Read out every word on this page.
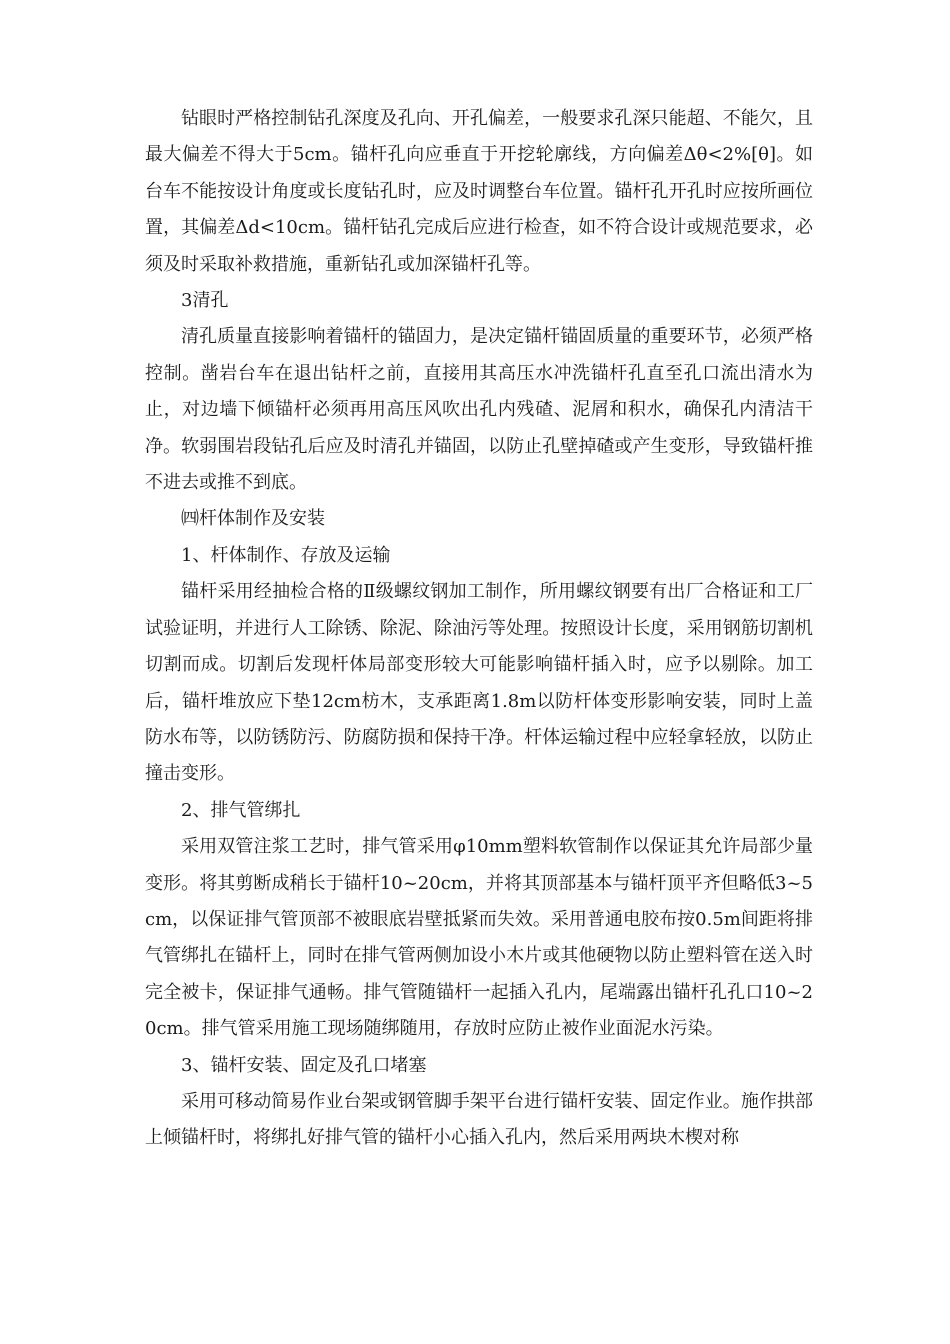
钻眼时严格控制钻孔深度及孔向、开孔偏差，一般要求孔深只能超、不能欠，且最大偏差不得大于5cm。锚杆孔向应垂直于开挖轮廓线，方向偏差Δθ<2%[θ]。如台车不能按设计角度或长度钻孔时，应及时调整台车位置。锚杆孔开孔时应按所画位置，其偏差Δd<10cm。锚杆钻孔完成后应进行检查，如不符合设计或规范要求，必须及时采取补救措施，重新钻孔或加深锚杆孔等。

3清孔

清孔质量直接影响着锚杆的锚固力，是决定锚杆锚固质量的重要环节，必须严格控制。凿岩台车在退出钻杆之前，直接用其高压水冲洗锚杆孔直至孔口流出清水为止，对边墙下倾锚杆必须再用高压风吹出孔内残碴、泥屑和积水，确保孔内清洁干净。软弱围岩段钻孔后应及时清孔并锚固，以防止孔壁掉碴或产生变形，导致锚杆推不进去或推不到底。

㈣杆体制作及安装

1、杆体制作、存放及运输

锚杆采用经抽检合格的Ⅱ级螺纹钢加工制作，所用螺纹钢要有出厂合格证和工厂试验证明，并进行人工除锈、除泥、除油污等处理。按照设计长度，采用钢筋切割机切割而成。切割后发现杆体局部变形较大可能影响锚杆插入时，应予以剔除。加工后，锚杆堆放应下垫12cm枋木，支承距离1.8m以防杆体变形影响安装，同时上盖防水布等，以防锈防污、防腐防损和保持干净。杆体运输过程中应轻拿轻放，以防止撞击变形。

2、排气管绑扎

采用双管注浆工艺时，排气管采用φ10mm塑料软管制作以保证其允许局部少量变形。将其剪断成稍长于锚杆10~20cm，并将其顶部基本与锚杆顶平齐但略低3~5cm，以保证排气管顶部不被眼底岩壁抵紧而失效。采用普通电胶布按0.5m间距将排气管绑扎在锚杆上，同时在排气管两侧加设小木片或其他硬物以防止塑料管在送入时完全被卡，保证排气通畅。排气管随锚杆一起插入孔内，尾端露出锚杆孔孔口10~20cm。排气管采用施工现场随绑随用，存放时应防止被作业面泥水污染。

3、锚杆安装、固定及孔口堵塞

采用可移动简易作业台架或钢管脚手架平台进行锚杆安装、固定作业。施作拱部上倾锚杆时，将绑扎好排气管的锚杆小心插入孔内，然后采用两块木楔对称
